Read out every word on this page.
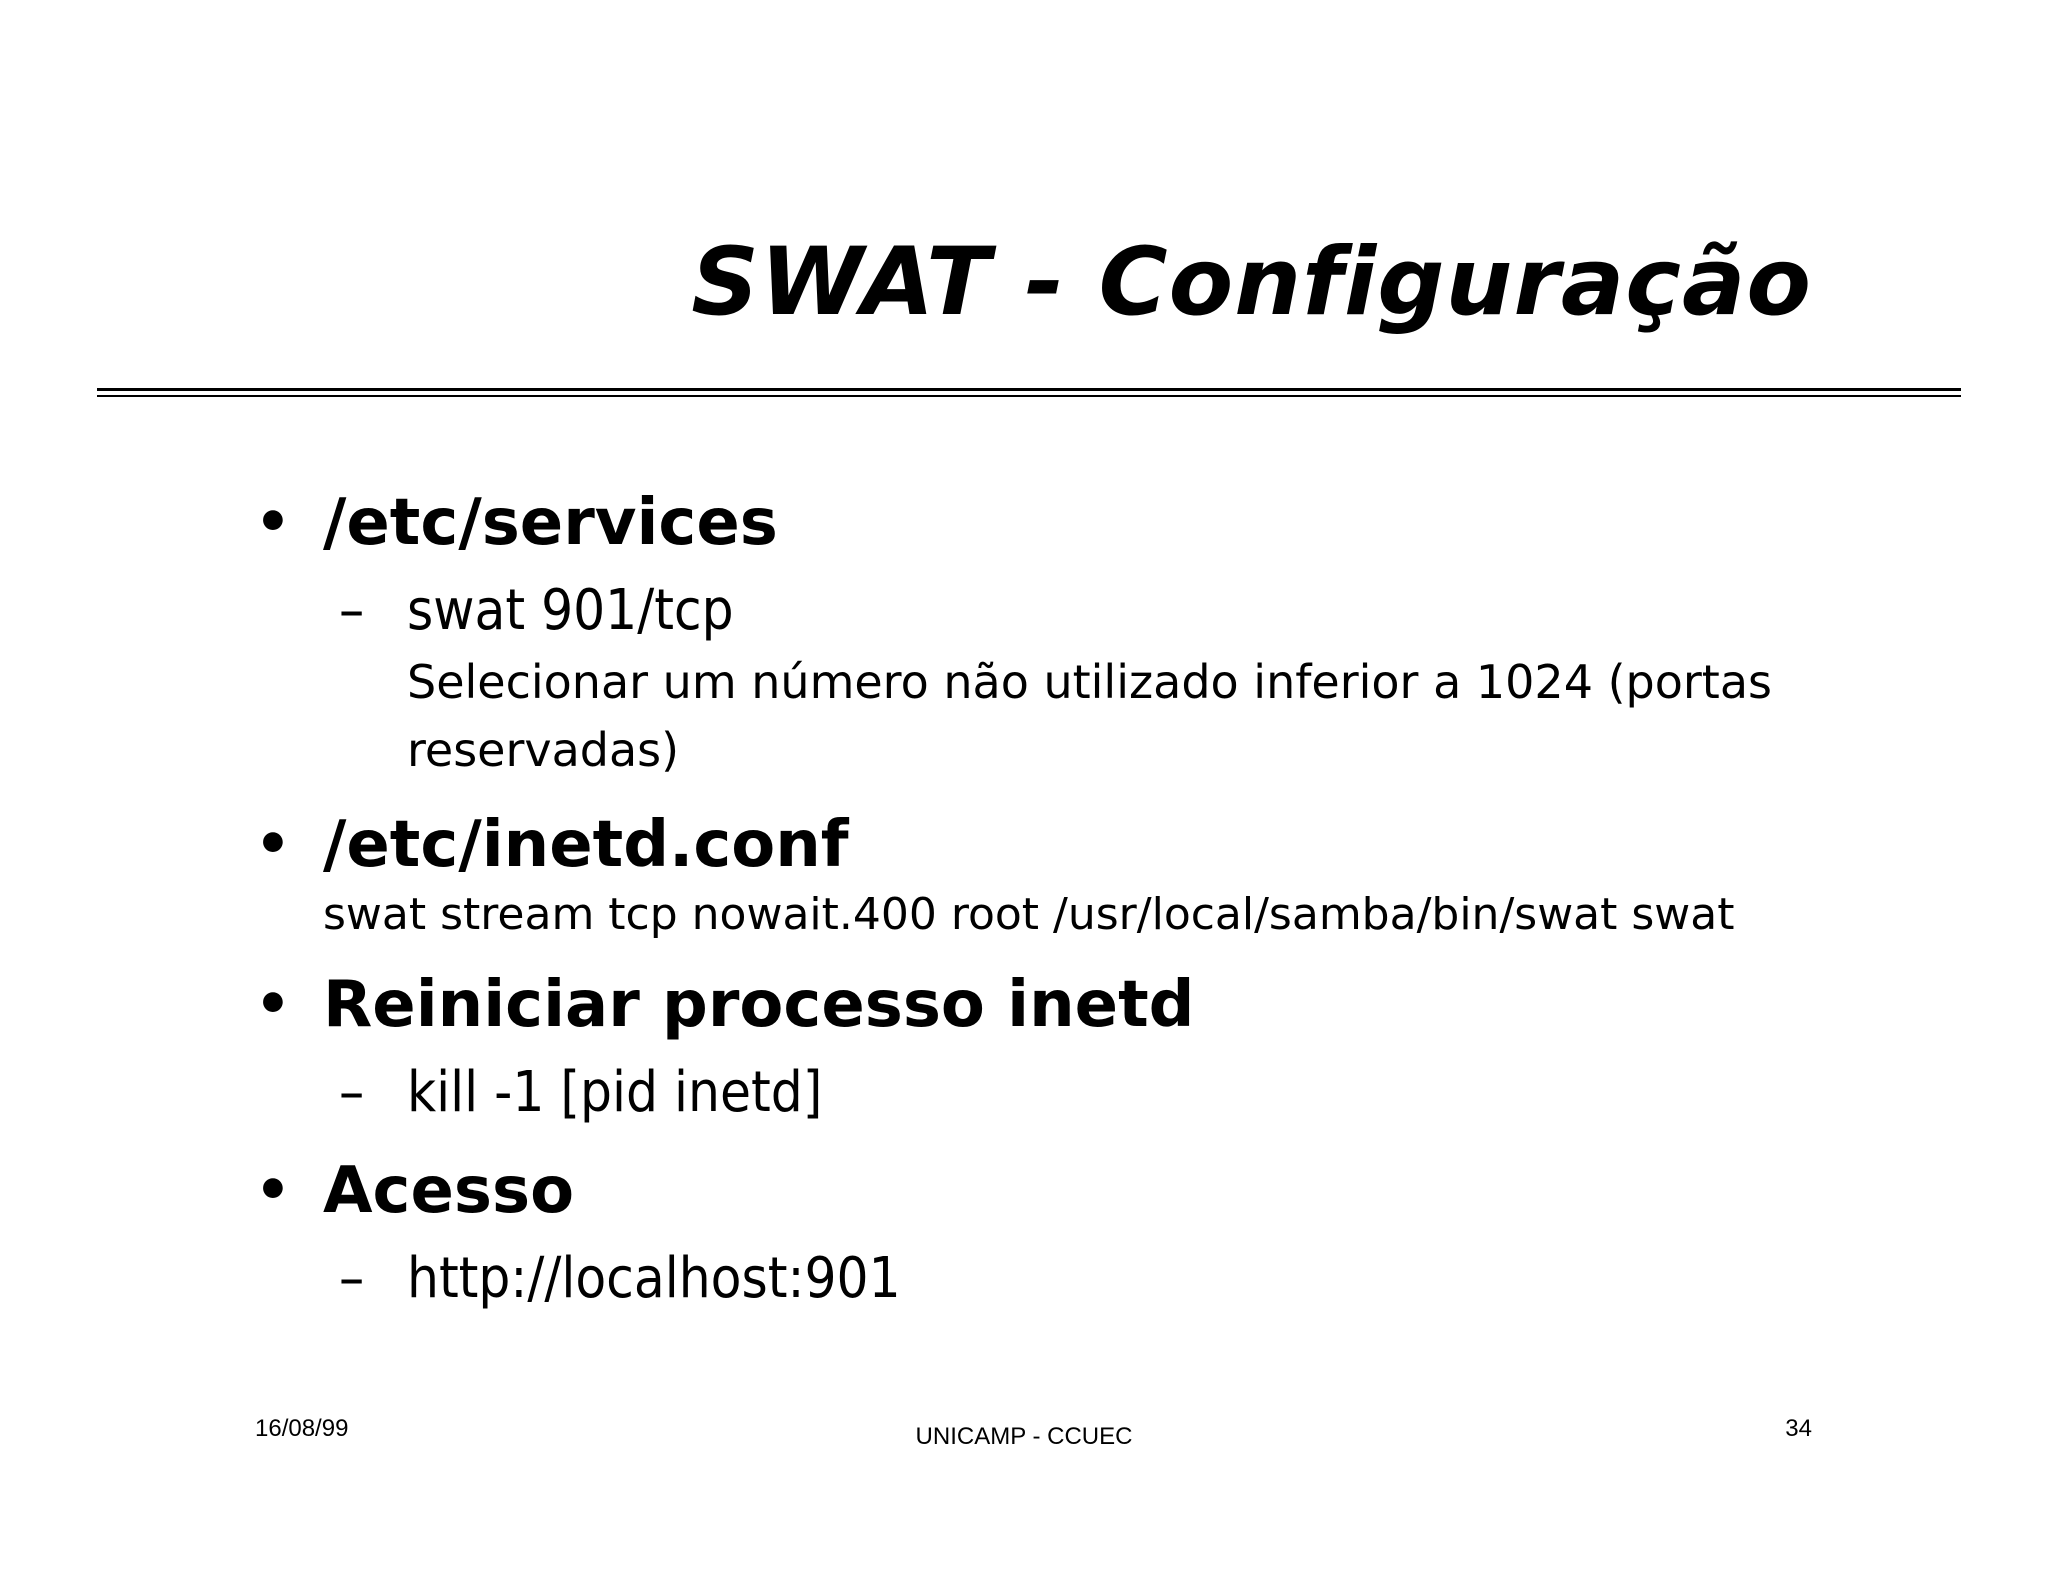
SWAT - Configuração
• /etc/services
– swat 901/tcp
Selecionar um número não utilizado inferior a 1024 (portas reservadas)
• /etc/inetd.conf
swat stream tcp nowait.400 root /usr/local/samba/bin/swat swat
• Reiniciar processo inetd
– kill -1 [pid inetd]
• Acesso
– http://localhost:901
16/08/99	UNICAMP - CCUEC	34
